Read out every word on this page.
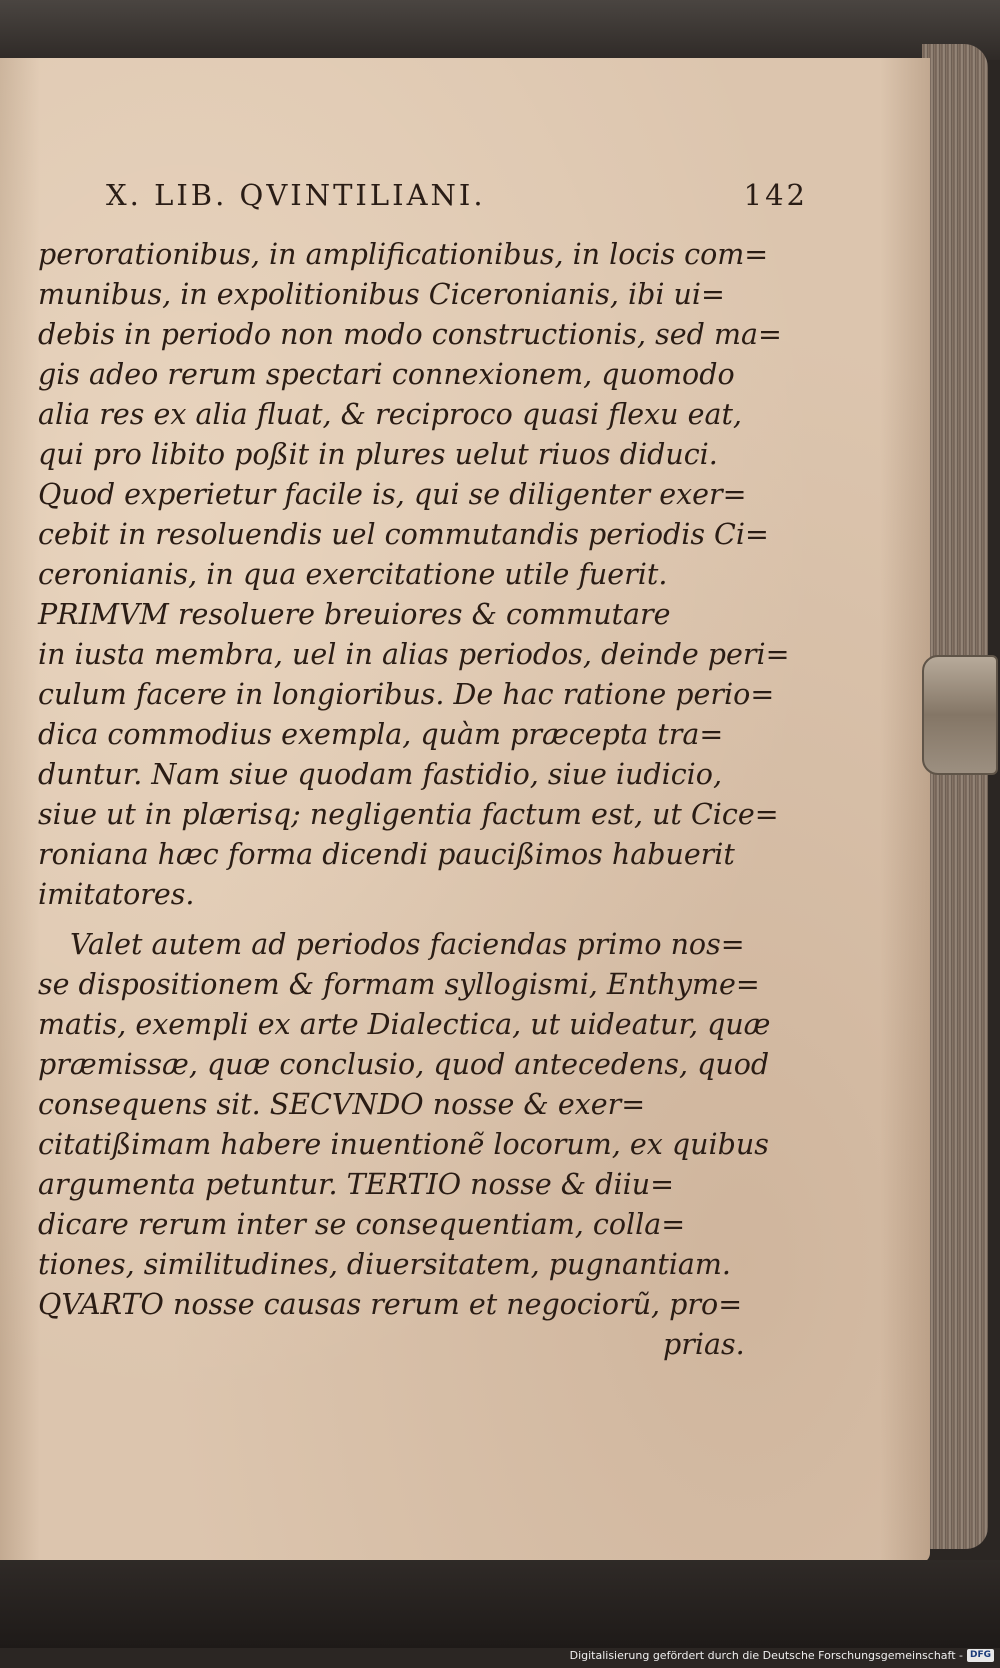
X. LIB. QVINTILIANI.	142
perorationibus, in amplificationibus, in locis com=
munibus, in expolitionibus Ciceronianis, ibi ui=
debis in periodo non modo constructionis, sed ma=
gis adeo rerum spectari connexionem, quomodo
alia res ex alia fluat, & reciproco quasi flexu eat,
qui pro libito poßit in plures uelut riuos diduci.
Quod experietur facile is, qui se diligenter exer=
cebit in resoluendis uel commutandis periodis Ci=
ceronianis, in qua exercitatione utile fuerit.
PRIMVM resoluere breuiores & commutare
in iusta membra, uel in alias periodos, deinde peri=
culum facere in longioribus. De hac ratione perio=
dica commodius exempla, quàm præcepta tra=
duntur. Nam siue quodam fastidio, siue iudicio,
siue ut in plærisq; negligentia factum est, ut Cice=
roniana hæc forma dicendi paucißimos habuerit
imitatores.
Valet autem ad periodos faciendas primo nos=
se dispositionem & formam syllogismi, Enthyme=
matis, exempli ex arte Dialectica, ut uideatur, quæ
præmissæ, quæ conclusio, quod antecedens, quod
consequens sit. SECVNDO nosse & exer=
citatißimam habere inuentionẽ locorum, ex quibus
argumenta petuntur. TERTIO nosse & diiu=
dicare rerum inter se consequentiam, colla=
tiones, similitudines, diuersitatem, pugnantiam.
QVARTO nosse causas rerum et negociorũ, pro=
prias.
Digitalisierung gefördert durch die Deutsche Forschungsgemeinschaft - DFG
